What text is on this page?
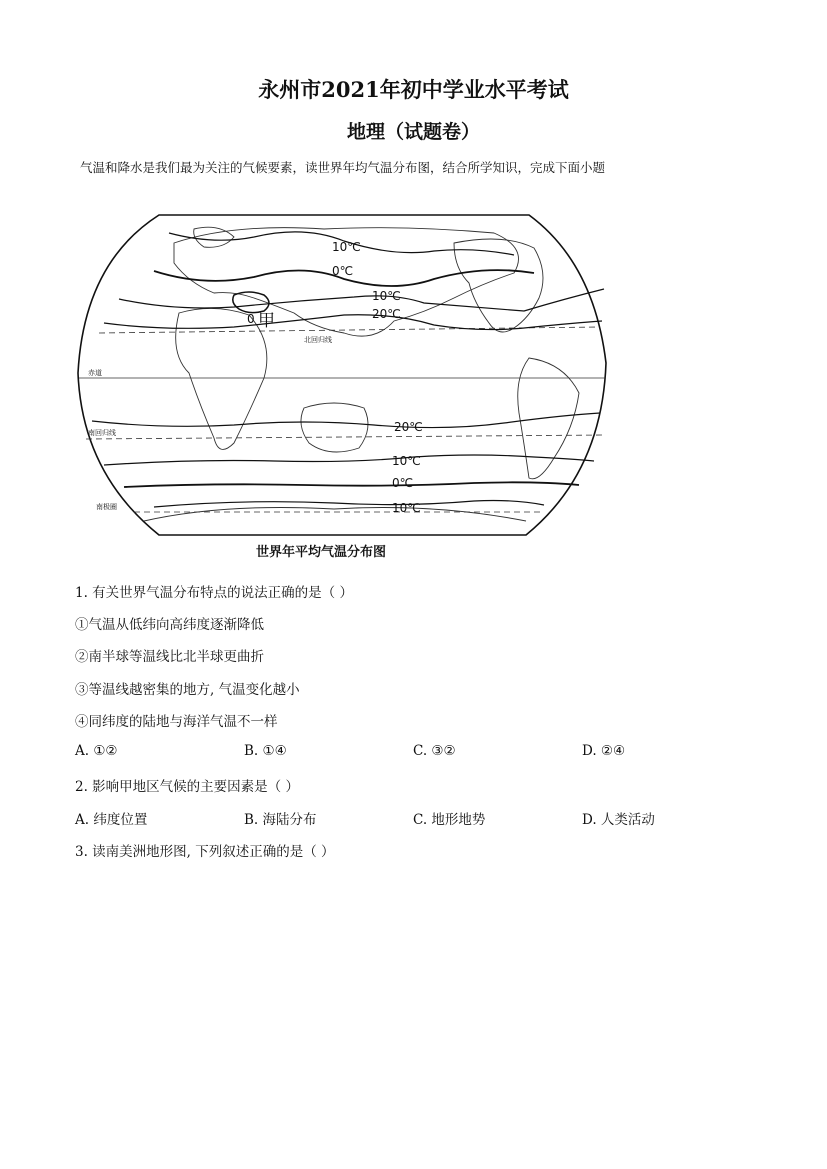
永州市2021年初中学业水平考试
地理（试题卷）
气温和降水是我们最为关注的气候要素，读世界年均气温分布图，结合所学知识，完成下面小题
10℃
0℃
10℃
20℃
20℃
10℃
0℃
10℃
0 甲
北回归线
赤道
南回归线
南极圈
世界年平均气温分布图
1. 有关世界气温分布特点的说法正确的是（ ）
①气温从低纬向高纬度逐渐降低
②南半球等温线比北半球更曲折
③等温线越密集的地方, 气温变化越小
④同纬度的陆地与海洋气温不一样
A. ①②	B. ①④	C. ③②	D. ②④
2. 影响甲地区气候的主要因素是（ ）
A. 纬度位置	B. 海陆分布	C. 地形地势	D. 人类活动
3. 读南美洲地形图, 下列叙述正确的是（ ）
